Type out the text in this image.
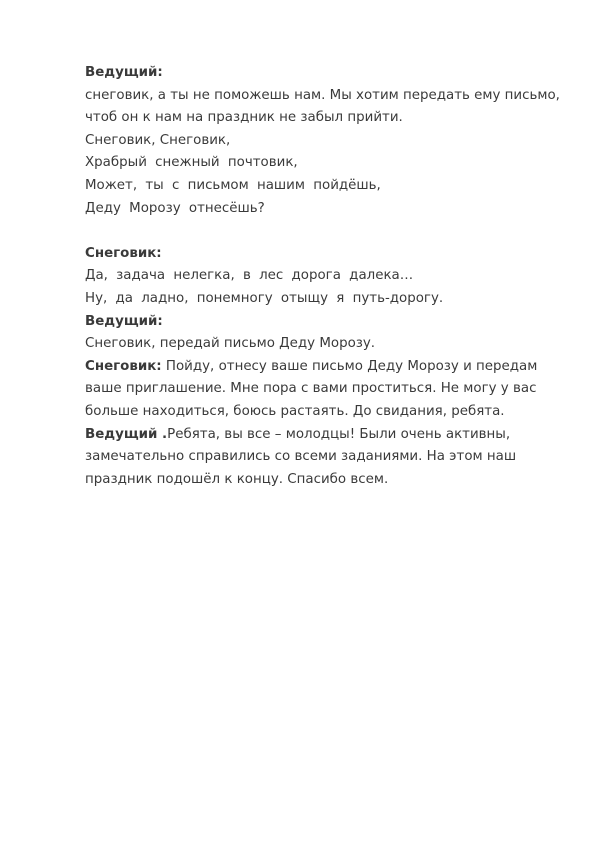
Ведущий:
снеговик, а ты не поможешь нам. Мы хотим передать ему письмо, чтоб он к нам на праздник не забыл прийти.
Снеговик, Снеговик,
Храбрый снежный почтовик,
Может, ты с письмом нашим пойдёшь,
Деду Морозу отнесёшь?
Снеговик:
Да, задача нелегка, в лес дорога далека…
Ну, да ладно, понемногу отыщу я путь-дорогу.
Ведущий:
Снеговик, передай письмо Деду Морозу.
Снеговик: Пойду, отнесу ваше письмо Деду Морозу и передам ваше приглашение. Мне пора с вами проститься. Не могу у вас больше находиться, боюсь растаять. До свидания, ребята.
Ведущий .Ребята, вы все – молодцы! Были очень активны, замечательно справились со всеми заданиями. На этом наш праздник подошёл к концу. Спасибо всем.
